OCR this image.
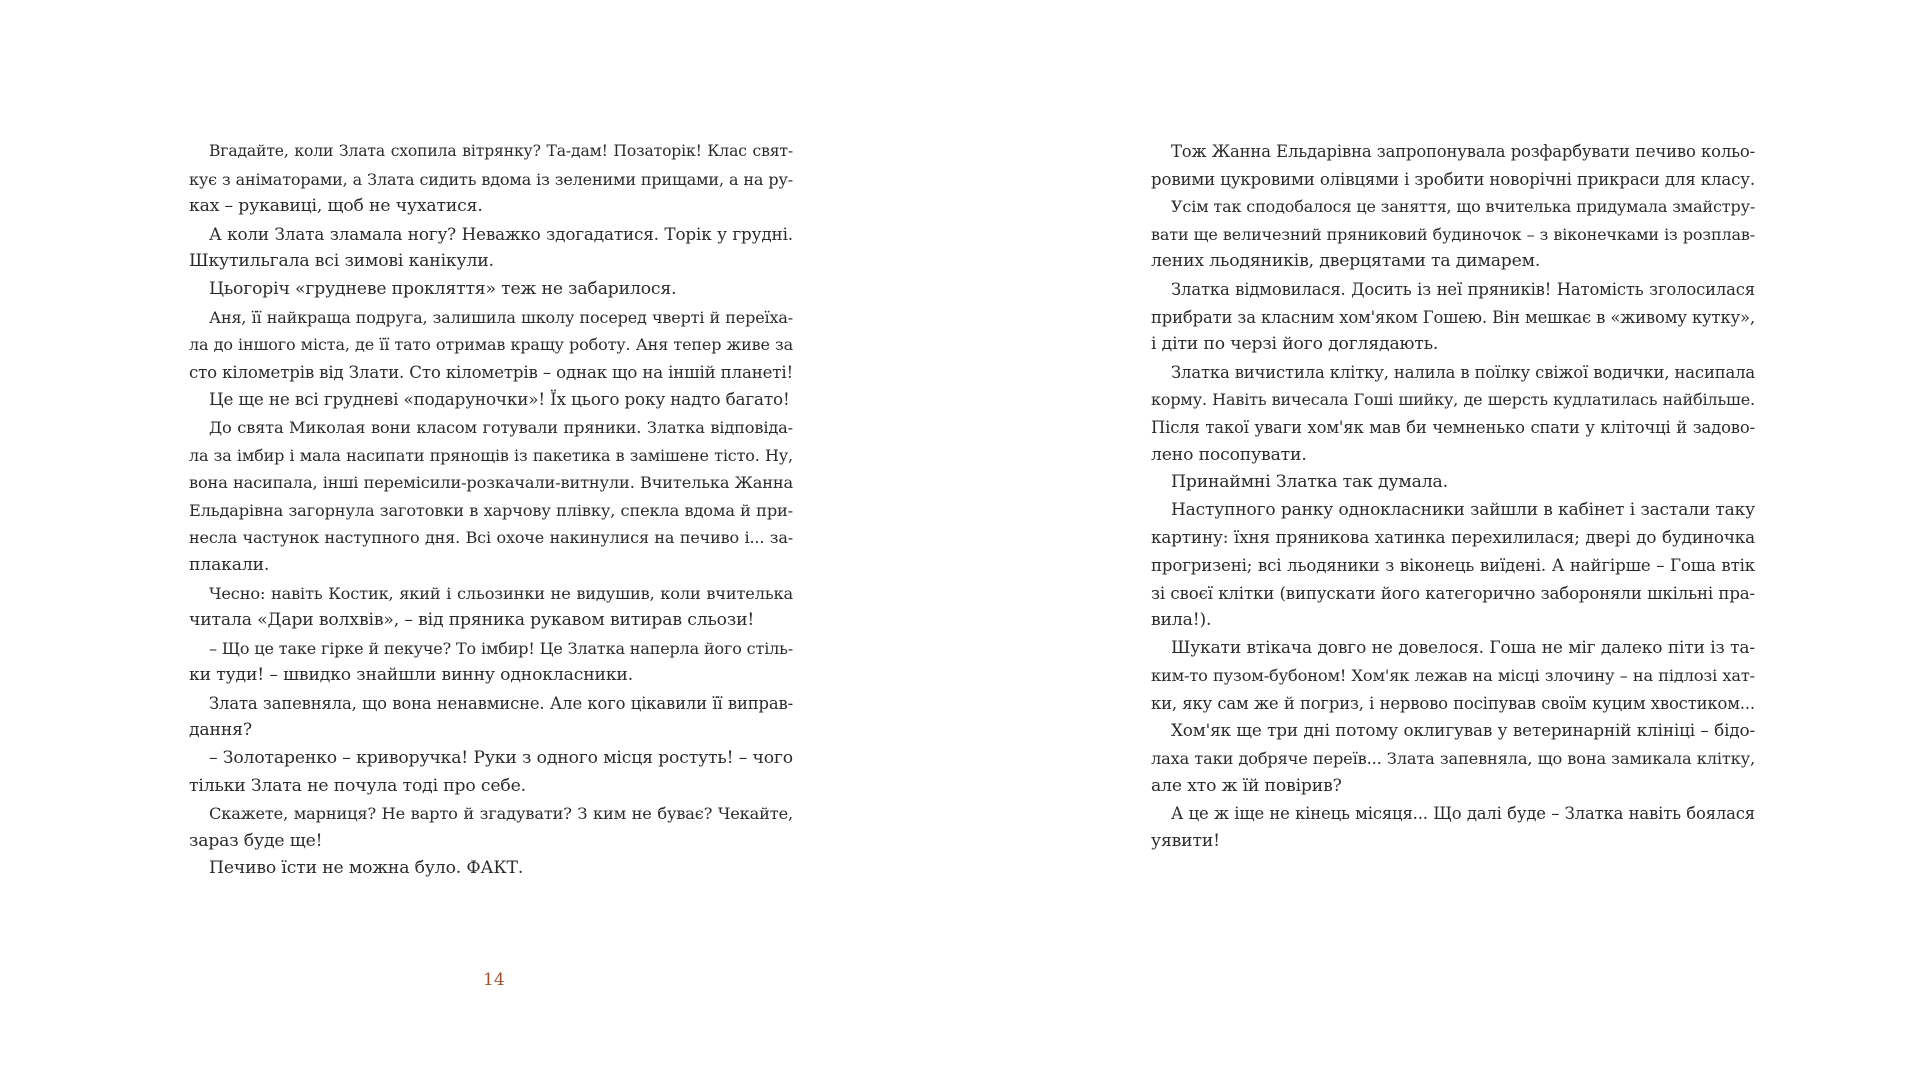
Вгадайте, коли Злата схопила вітрянку? Та-дам! Позаторік! Клас свят-
кує з аніматорами, а Злата сидить вдома із зеленими прищами, а на ру-
ках – рукавиці, щоб не чухатися.
А коли Злата зламала ногу? Неважко здогадатися. Торік у грудні.
Шкутильгала всі зимові канікули.
Цьогоріч «грудневе прокляття» теж не забарилося.
Аня, її найкраща подруга, залишила школу посеред чверті й переїха-
ла до іншого міста, де її тато отримав кращу роботу. Аня тепер живе за
сто кілометрів від Злати. Сто кілометрів – однак що на іншій планеті!
Це ще не всі грудневі «подаруночки»! Їх цього року надто багато!
До свята Миколая вони класом готували пряники. Златка відповіда-
ла за імбир і мала насипати прянощів із пакетика в замішене тісто. Ну,
вона насипала, інші перемісили-розкачали-витнули. Вчителька Жанна
Ельдарівна загорнула заготовки в харчову плівку, спекла вдома й при-
несла частунок наступного дня. Всі охоче накинулися на печиво і... за-
плакали.
Чесно: навіть Костик, який і сльозинки не видушив, коли вчителька
читала «Дари волхвів», – від пряника рукавом витирав сльози!
– Що це таке гірке й пекуче? То імбир! Це Златка наперла його стіль-
ки туди! – швидко знайшли винну однокласники.
Злата запевняла, що вона ненавмисне. Але кого цікавили її виправ-
дання?
– Золотаренко – криворучка! Руки з одного місця ростуть! – чого
тільки Злата не почула тоді про себе.
Скажете, марниця? Не варто й згадувати? З ким не буває? Чекайте,
зараз буде ще!
Печиво їсти не можна було. ФАКТ.
Тож Жанна Ельдарівна запропонувала розфарбувати печиво кольо-
ровими цукровими олівцями і зробити новорічні прикраси для класу.
Усім так сподобалося це заняття, що вчителька придумала змайстру-
вати ще величезний пряниковий будиночок – з віконечками із розплав-
лених льодяників, дверцятами та димарем.
Златка відмовилася. Досить із неї пряників! Натомість зголосилася
прибрати за класним хом'яком Гошею. Він мешкає в «живому кутку»,
і діти по черзі його доглядають.
Златка вичистила клітку, налила в поїлку свіжої водички, насипала
корму. Навіть вичесала Гоші шийку, де шерсть кудлатилась найбільше.
Після такої уваги хом'як мав би чемненько спати у кліточці й задово-
лено посопувати.
Принаймні Златка так думала.
Наступного ранку однокласники зайшли в кабінет і застали таку
картину: їхня пряникова хатинка перехилилася; двері до будиночка
прогризені; всі льодяники з віконець виїдені. А найгірше – Гоша втік
зі своєї клітки (випускати його категорично забороняли шкільні пра-
вила!).
Шукати втікача довго не довелося. Гоша не міг далеко піти із та-
ким-то пузом-бубоном! Хом'як лежав на місці злочину – на підлозі хат-
ки, яку сам же й погриз, і нервово посіпував своїм куцим хвостиком...
Хом'як ще три дні потому оклигував у ветеринарній клініці – бідо-
лаха таки добряче переїв... Злата запевняла, що вона замикала клітку,
але хто ж їй повірив?
А це ж іще не кінець місяця... Що далі буде – Златка навіть боялася
уявити!
14
